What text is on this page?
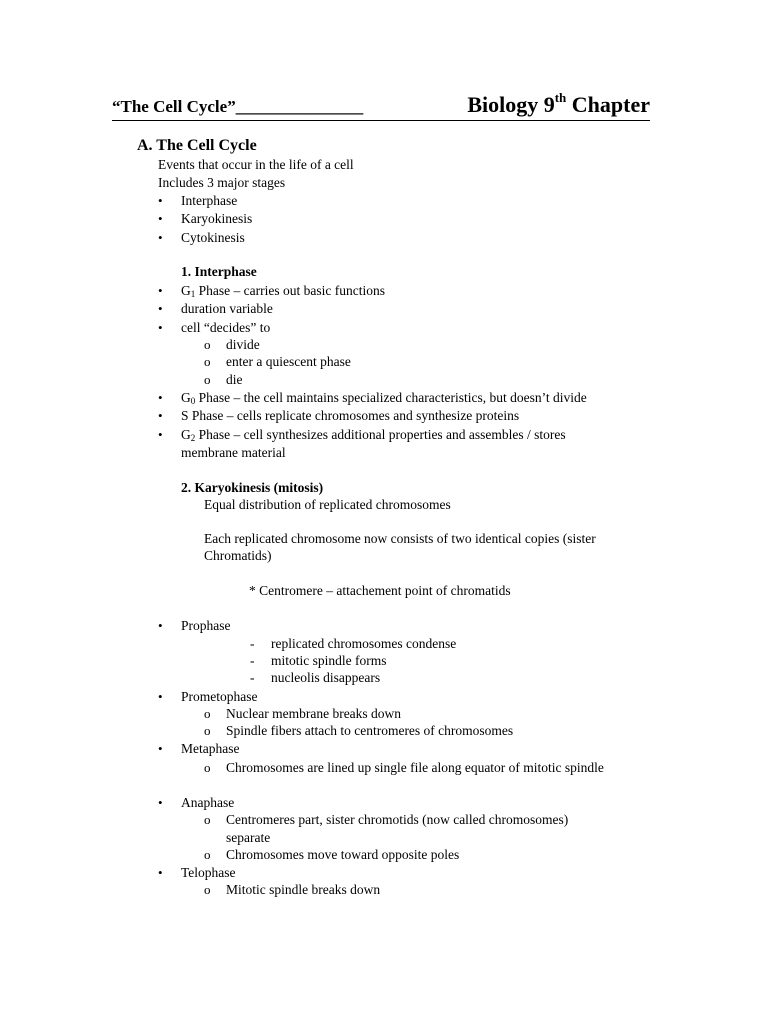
“The Cell Cycle”_______________	Biology 9th Chapter
A. The Cell Cycle
Events that occur in the life of a cell
Includes 3 major stages
• Interphase
• Karyokinesis
• Cytokinesis
1. Interphase
• $G_1$ Phase – carries out basic functions
• duration variable
• cell “decides” to
o divide
o enter a quiescent phase
o die
• $G_0$ Phase – the cell maintains specialized characteristics, but doesn’t divide
• S Phase – cells replicate chromosomes and synthesize proteins
• $G_2$ Phase – cell synthesizes additional properties and assembles / stores
membrane material
2. Karyokinesis (mitosis)
Equal distribution of replicated chromosomes
Each replicated chromosome now consists of two identical copies (sister
Chromatids)
* Centromere – attachement point of chromatids
• Prophase
- replicated chromosomes condense
- mitotic spindle forms
- nucleolis disappears
• Prometophase
o Nuclear membrane breaks down
o Spindle fibers attach to centromeres of chromosomes
• Metaphase
o Chromosomes are lined up single file along equator of mitotic spindle
• Anaphase
o Centromeres part, sister chromotids (now called chromosomes)
separate
o Chromosomes move toward opposite poles
• Telophase
o Mitotic spindle breaks down
